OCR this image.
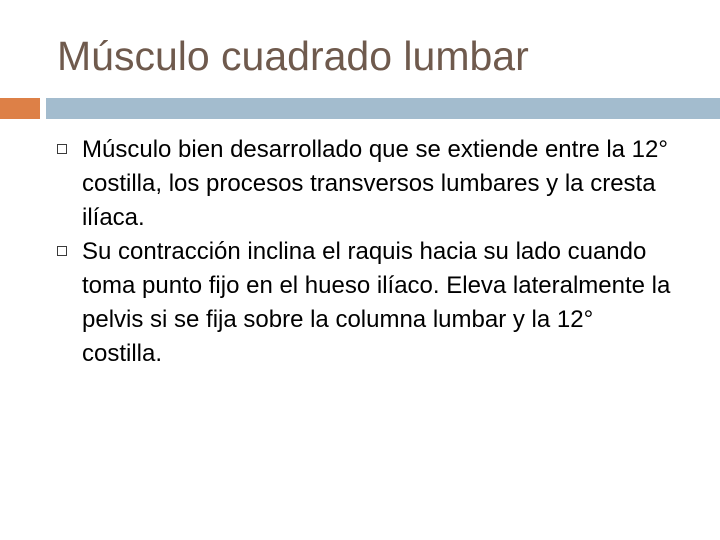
Músculo cuadrado lumbar
Músculo bien desarrollado que se extiende entre la 12° costilla, los procesos transversos lumbares y la cresta ilíaca.
Su contracción inclina el raquis hacia su lado cuando toma punto fijo en el hueso ilíaco. Eleva lateralmente la pelvis si se fija sobre la columna lumbar y la 12° costilla.
